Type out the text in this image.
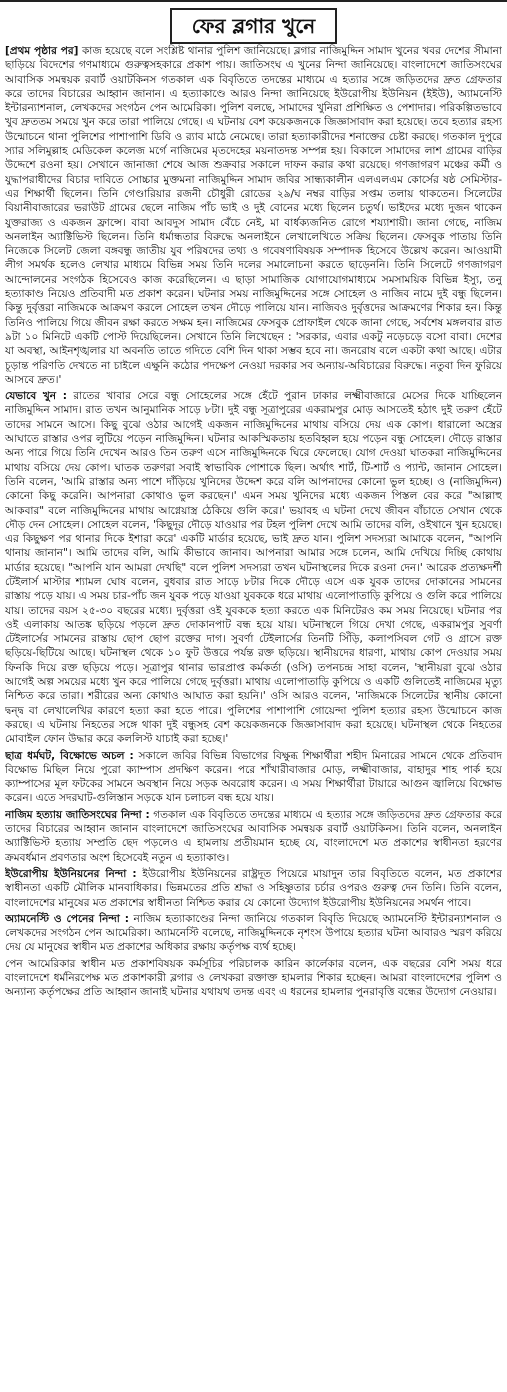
ফের ব্লগার খুনে

[প্রথম পৃষ্ঠার পর] কাজ হয়েছে বলে সংশ্লিষ্ট থানার পুলিশ জানিয়েছে। ব্লগার নাজিমুদ্দিন সামাদ খুনের খবর দেশের সীমানা ছাড়িয়ে বিদেশের গণমাধ্যমে গুরুত্বসহকারে প্রকাশ পায়। জাতিসংঘ এ খুনের নিন্দা জানিয়েছে। বাংলাদেশে জাতিসংঘের আবাসিক সমন্বয়ক রবার্ট ওয়াটকিনস গতকাল এক বিবৃতিতে তদন্তের মাধ্যমে এ হত্যার সঙ্গে জড়িতদের দ্রুত গ্রেফতার করে তাদের বিচারের আহ্বান জানান। এ হত্যাকাণ্ডে আরও নিন্দা জানিয়েছে ইউরোপীয় ইউনিয়ন (ইইউ), অ্যামনেস্টি ইন্টারন্যাশনাল, লেখকদের সংগঠন পেন আমেরিকা। পুলিশ বলছে, সামাদের খুনিরা প্রশিক্ষিত ও পেশাদার। পরিকল্পিতভাবে খুব দ্রুততম সময়ে খুন করে তারা পালিয়ে গেছে। এ ঘটনায় বেশ কয়েকজনকে জিজ্ঞাসাবাদ করা হয়েছে। তবে হত্যার রহস্য উন্মোচনে থানা পুলিশের পাশাপাশি ডিবি ও র‍্যাব মাঠে নেমেছে। তারা হত্যাকারীদের শনাক্তের চেষ্টা করছে। গতকাল দুপুরে স্যার সলিমুল্লাহ মেডিকেল কলেজ মর্গে নাজিমের মৃতদেহের ময়নাতদন্ত সম্পন্ন হয়। বিকালে সামাদের লাশ গ্রামের বাড়ির উদ্দেশে রওনা হয়। সেখানে জানাজা শেষে আজ শুক্রবার সকালে দাফন করার কথা রয়েছে। গণজাগরণ মঞ্চের কর্মী ও যুদ্ধাপরাধীদের বিচার দাবিতে সোচ্চার মুক্তমনা নাজিমুদ্দিন সামাদ জবির সান্ধ্যকালীন এলএলএম কোর্সের ষষ্ঠ সেমিস্টার-এর শিক্ষার্থী ছিলেন। তিনি গেণ্ডারিয়ার রজনী চৌধুরী রোডের ২৯/ঘ নম্বর বাড়ির সপ্তম তলায় থাকতেন। সিলেটের বিয়ানীবাজারের ভরাউট গ্রামের ছেলে নাজিম পাঁচ ভাই ও দুই বোনের মধ্যে ছিলেন চতুর্থ। ভাইদের মধ্যে দুজন থাকেন যুক্তরাজ্য ও একজন ফ্রান্সে। বাবা আবদুস সামাদ বেঁচে নেই, মা বার্ধক্যজনিত রোগে শয্যাশায়ী। জানা গেছে, নাজিম অনলাইন অ্যাক্টিভিস্ট ছিলেন। তিনি ধর্মান্ধতার বিরুদ্ধে অনলাইনে লেখালেখিতে সক্রিয় ছিলেন। ফেসবুক পাতায় তিনি নিজেকে সিলেট জেলা বঙ্গবন্ধু জাতীয় যুব পরিষদের তথ্য ও গবেষণাবিষয়ক সম্পাদক হিসেবে উল্লেখ করেন। আওয়ামী লীগ সমর্থক হলেও লেখার মাধ্যমে বিভিন্ন সময় তিনি দলের সমালোচনা করতে ছাড়েননি। তিনি সিলেটে গণজাগরণ আন্দোলনের সংগঠক হিসেবেও কাজ করেছিলেন। এ ছাড়া সামাজিক যোগাযোগমাধ্যমে সমসাময়িক বিভিন্ন ইস্যু, তনু হত্যাকাণ্ড নিয়েও প্রতিবাদী মত প্রকাশ করেন। ঘটনার সময় নাজিমুদ্দিনের সঙ্গে সোহেল ও নাজিব নামে দুই বন্ধু ছিলেন। কিন্তু দুর্বৃত্তরা নাজিমকে আক্রমণ করলে সোহেল তখন দৌড়ে পালিয়ে যান। নাজিবও দুর্বৃত্তদের আক্রমণের শিকার হন। কিন্তু তিনিও পালিয়ে গিয়ে জীবন রক্ষা করতে সক্ষম হন। নাজিমের ফেসবুক প্রোফাইল থেকে জানা গেছে, সর্বশেষ মঙ্গলবার রাত ৯টা ১০ মিনিটে একটি পোস্ট দিয়েছিলেন। সেখানে তিনি লিখেছেন : 'সরকার, এবার একটু নড়েচড়ে বসো বাবা। দেশের যা অবস্থা, আইনশৃঙ্খলার যা অবনতি তাতে গদিতে বেশি দিন থাকা সম্ভব হবে না। জনরোষ বলে একটা কথা আছে। এটার চূড়ান্ত পরিণতি দেখতে না চাইলে এক্ষুনি কঠোর পদক্ষেপ নেওয়া দরকার সব অন্যায়-অবিচারের বিরুদ্ধে। নতুবা দিন ফুরিয়ে আসবে দ্রুত।'

যেভাবে খুন : রাতের খাবার সেরে বন্ধু সোহেলের সঙ্গে হেঁটে পুরান ঢাকার লক্ষ্মীবাজারে মেসের দিকে যাচ্ছিলেন নাজিমুদ্দিন সামাদ। রাত তখন আনুমানিক সাড়ে ৮টা। দুই বন্ধু সূত্রাপুরের একরামপুর মোড় আসতেই হঠাৎ দুই তরুণ হেঁটে তাদের সামনে আসে। কিছু বুঝে ওঠার আগেই একজন নাজিমুদ্দিনের মাথায় বসিয়ে দেয় এক কোপ। ধারালো অস্ত্রের আঘাতে রাস্তার ওপর লুটিয়ে পড়েন নাজিমুদ্দিন। ঘটনার আকস্মিকতায় হতবিহ্বল হয়ে পড়েন বন্ধু সোহেল। দৌড়ে রাস্তার অন্য পারে গিয়ে তিনি দেখেন আরও তিন তরুণ এসে নাজিমুদ্দিনকে ঘিরে ফেলেছে। যোগ দেওয়া ঘাতকরা নাজিমুদ্দিনের মাথায় বসিয়ে দেয় কোপ। ঘাতক তরুণরা সবাই স্বাভাবিক পোশাকে ছিল। অর্থাৎ শার্ট, টি-শার্ট ও প্যান্ট, জানান সোহেল। তিনি বলেন, 'আমি রাস্তার অন্য পাশে দাঁড়িয়ে খুনিদের উদ্দেশ করে বলি আপনাদের কোনো ভুল হচ্ছে। ও (নাজিমুদ্দিন) কোনো কিছু করেনি। আপনারা কোথাও ভুল করছেন।' এমন সময় খুনিদের মধ্যে একজন পিস্তল বের করে "আল্লাহু আকবার" বলে নাজিমুদ্দিনের মাথায় আগ্নেয়াস্ত্র ঠেকিয়ে গুলি করে।' ভয়াবহ এ ঘটনা দেখে জীবন বাঁচাতে সেখান থেকে দৌড় দেন সোহেল। সোহেল বলেন, 'কিছুদূর দৌড়ে যাওয়ার পর টহল পুলিশ দেখে আমি তাদের বলি, ওইখানে খুন হয়েছে। এর কিছুক্ষণ পর থানার দিকে ইশারা করে' একটি মার্ডার হয়েছে, ভাই দ্রুত যান। পুলিশ সদস্যরা আমাকে বলেন, "আপনি থানায় জানান"। আমি তাদের বলি, আমি কীভাবে জানাব। আপনারা আমার সঙ্গে চলেন, আমি দেখিয়ে দিচ্ছি কোথায় মার্ডার হয়েছে। "আপনি যান আমরা দেখছি" বলে পুলিশ সদস্যরা তখন ঘটনাস্থলের দিকে রওনা দেন।' আরেক প্রত্যক্ষদর্শী টেইলার্স মাস্টার শ্যামল ঘোষ বলেন, বুধবার রাত সাড়ে ৮টার দিকে দৌড়ে এসে এক যুবক তাদের দোকানের সামনের রাস্তায় পড়ে যায়। এ সময় চার-পাঁচ জন যুবক পড়ে যাওয়া যুবককে ধরে মাথায় এলোপাতাড়ি কুপিয়ে ও গুলি করে পালিয়ে যায়। তাদের বয়স ২৫-৩০ বছরের মধ্যে। দুর্বৃত্তরা ওই যুবককে হত্যা করতে এক মিনিটেরও কম সময় নিয়েছে। ঘটনার পর ওই এলাকায় আতঙ্ক ছড়িয়ে পড়লে দ্রুত দোকানপাট বন্ধ হয়ে যায়। ঘটনাস্থলে গিয়ে দেখা গেছে, একরামপুর সুবর্ণা টেইলার্সের সামনের রাস্তায় ছোপ ছোপ রক্তের দাগ। সুবর্ণা টেইলার্সের তিনটি সিঁড়ি, কলাপসিবল গেট ও গ্রাসে রক্ত ছড়িয়ে-ছিটিয়ে আছে। ঘটনাস্থল থেকে ১০ ফুট উত্তরে পর্যন্ত রক্ত ছড়িয়ে। স্থানীয়দের ধারণা, মাথায় কোপ দেওয়ার সময় ফিনকি দিয়ে রক্ত ছড়িয়ে পড়ে। সূত্রাপুর থানার ভারপ্রাপ্ত কর্মকর্তা (ওসি) তপনচন্দ্র সাহা বলেন, 'স্থানীয়রা বুঝে ওঠার আগেই অল্প সময়ের মধ্যে খুন করে পালিয়ে গেছে দুর্বৃত্তরা। মাথায় এলোপাতাড়ি কুপিয়ে ও একটি গুলিতেই নাজিমের মৃত্যু নিশ্চিত করে তারা। শরীরের অন্য কোথাও আঘাত করা হয়নি।' ওসি আরও বলেন, 'নাজিমকে সিলেটের স্থানীয় কোনো দ্বন্দ্ব বা লেখালেখির কারণে হত্যা করা হতে পারে। পুলিশের পাশাপাশি গোয়েন্দা পুলিশ হত্যার রহস্য উন্মোচনে কাজ করছে। এ ঘটনায় নিহতের সঙ্গে থাকা দুই বন্ধুসহ বেশ কয়েকজনকে জিজ্ঞাসাবাদ করা হয়েছে। ঘটনাস্থল থেকে নিহতের মোবাইল ফোন উদ্ধার করে কললিস্ট যাচাই করা হচ্ছে।'

ছাত্র ধর্মঘট, বিক্ষোভে অচল : সকালে জবির বিভিন্ন বিভাগের বিক্ষুব্ধ শিক্ষার্থীরা শহীদ মিনারের সামনে থেকে প্রতিবাদ বিক্ষোভ মিছিল নিয়ে পুরো ক্যাম্পাস প্রদক্ষিণ করেন। পরে শাঁখারীবাজার মোড়, লক্ষ্মীবাজার, বাহাদুর শাহ পার্ক হয়ে ক্যাম্পাসের মূল ফটকের সামনে অবস্থান নিয়ে সড়ক অবরোধ করেন। এ সময় শিক্ষার্থীরা টায়ারে আগুন জ্বালিয়ে বিক্ষোভ করেন। এতে সদরঘাট-গুলিস্তান সড়কে যান চলাচল বন্ধ হয়ে যায়।

নাজিম হত্যায় জাতিসংঘের নিন্দা : গতকাল এক বিবৃতিতে তদন্তের মাধ্যমে এ হত্যার সঙ্গে জড়িতদের দ্রুত গ্রেফতার করে তাদের বিচারের আহ্বান জানান বাংলাদেশে জাতিসংঘের আবাসিক সমন্বয়ক রবার্ট ওয়াটকিনস। তিনি বলেন, অনলাইন অ্যাক্টিভিস্ট হত্যায় সম্প্রতি ছেদ পড়লেও এ হামলায় প্রতীয়মান হচ্ছে যে, বাংলাদেশে মত প্রকাশের স্বাধীনতা হরণের ক্রমবর্ধমান প্রবণতার অংশ হিসেবেই নতুন এ হত্যাকাণ্ড।

ইউরোপীয় ইউনিয়নের নিন্দা : ইউরোপীয় ইউনিয়নের রাষ্ট্রদূত পিয়েরে মায়াদুন তার বিবৃতিতে বলেন, মত প্রকাশের স্বাধীনতা একটি মৌলিক মানবাধিকার। ভিন্নমতের প্রতি শ্রদ্ধা ও সহিষ্ণুতার চর্চার ওপরও গুরুত্ব দেন তিনি। তিনি বলেন, বাংলাদেশের মানুষের মত প্রকাশের স্বাধীনতা নিশ্চিত করার যে কোনো উদ্যোগ ইউরোপীয় ইউনিয়নের সমর্থন পাবে।

অ্যামনেস্টি ও পেনের নিন্দা : নাজিম হত্যাকাণ্ডের নিন্দা জানিয়ে গতকাল বিবৃতি দিয়েছে অ্যামনেস্টি ইন্টারন্যাশনাল ও লেখকদের সংগঠন পেন আমেরিকা। অ্যামনেস্টি বলেছে, নাজিমুদ্দিনকে নৃশংস উপায়ে হত্যার ঘটনা আবারও স্মরণ করিয়ে দেয় যে মানুষের স্বাধীন মত প্রকাশের অধিকার রক্ষায় কর্তৃপক্ষ ব্যর্থ হচ্ছে।

পেন আমেরিকার স্বাধীন মত প্রকাশবিষয়ক কর্মসূচির পরিচালক কারিন কার্লেকার বলেন, এক বছরের বেশি সময় ধরে বাংলাদেশে ধর্মনিরপেক্ষ মত প্রকাশকারী ব্লগার ও লেখকরা রক্তাক্ত হামলার শিকার হচ্ছেন। আমরা বাংলাদেশের পুলিশ ও অন্যান্য কর্তৃপক্ষের প্রতি আহ্বান জানাই ঘটনার যথাযথ তদন্ত এবং এ ধরনের হামলার পুনরাবৃত্তি বন্ধের উদ্যোগ নেওয়ার।
